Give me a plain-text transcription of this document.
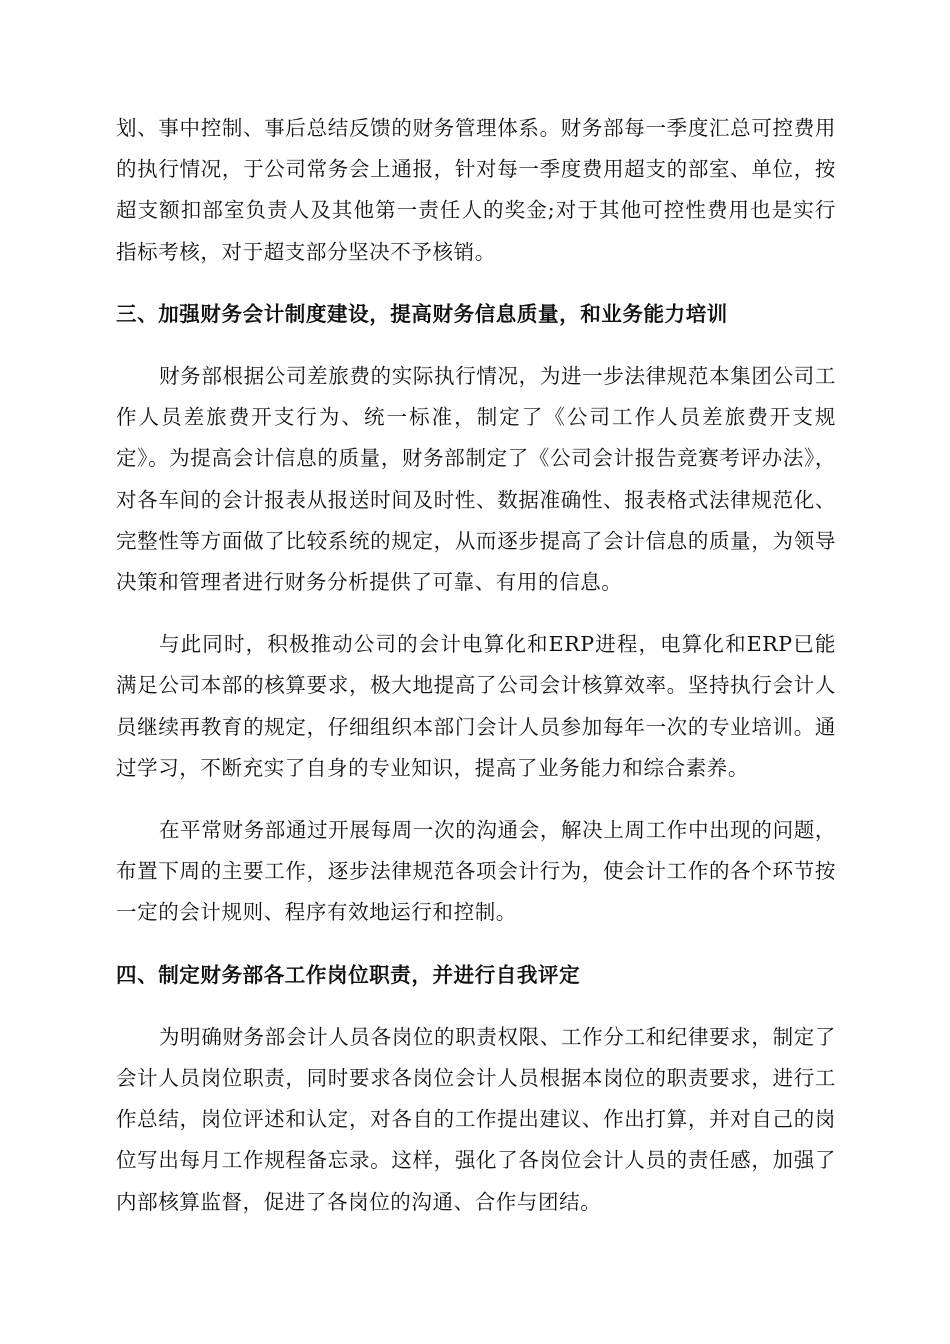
划、事中控制、事后总结反馈的财务管理体系。财务部每一季度汇总可控费用的执行情况，于公司常务会上通报，针对每一季度费用超支的部室、单位，按超支额扣部室负责人及其他第一责任人的奖金;对于其他可控性费用也是实行指标考核，对于超支部分坚决不予核销。

三、加强财务会计制度建设，提高财务信息质量，和业务能力培训

财务部根据公司差旅费的实际执行情况，为进一步法律规范本集团公司工作人员差旅费开支行为、统一标准，制定了《公司工作人员差旅费开支规定》。为提高会计信息的质量，财务部制定了《公司会计报告竞赛考评办法》，对各车间的会计报表从报送时间及时性、数据准确性、报表格式法律规范化、完整性等方面做了比较系统的规定，从而逐步提高了会计信息的质量，为领导决策和管理者进行财务分析提供了可靠、有用的信息。

与此同时，积极推动公司的会计电算化和ERP进程，电算化和ERP已能满足公司本部的核算要求，极大地提高了公司会计核算效率。坚持执行会计人员继续再教育的规定，仔细组织本部门会计人员参加每年一次的专业培训。通过学习，不断充实了自身的专业知识，提高了业务能力和综合素养。

在平常财务部通过开展每周一次的沟通会，解决上周工作中出现的问题，布置下周的主要工作，逐步法律规范各项会计行为，使会计工作的各个环节按一定的会计规则、程序有效地运行和控制。

四、制定财务部各工作岗位职责，并进行自我评定

为明确财务部会计人员各岗位的职责权限、工作分工和纪律要求，制定了会计人员岗位职责，同时要求各岗位会计人员根据本岗位的职责要求，进行工作总结，岗位评述和认定，对各自的工作提出建议、作出打算，并对自己的岗位写出每月工作规程备忘录。这样，强化了各岗位会计人员的责任感，加强了内部核算监督，促进了各岗位的沟通、合作与团结。
